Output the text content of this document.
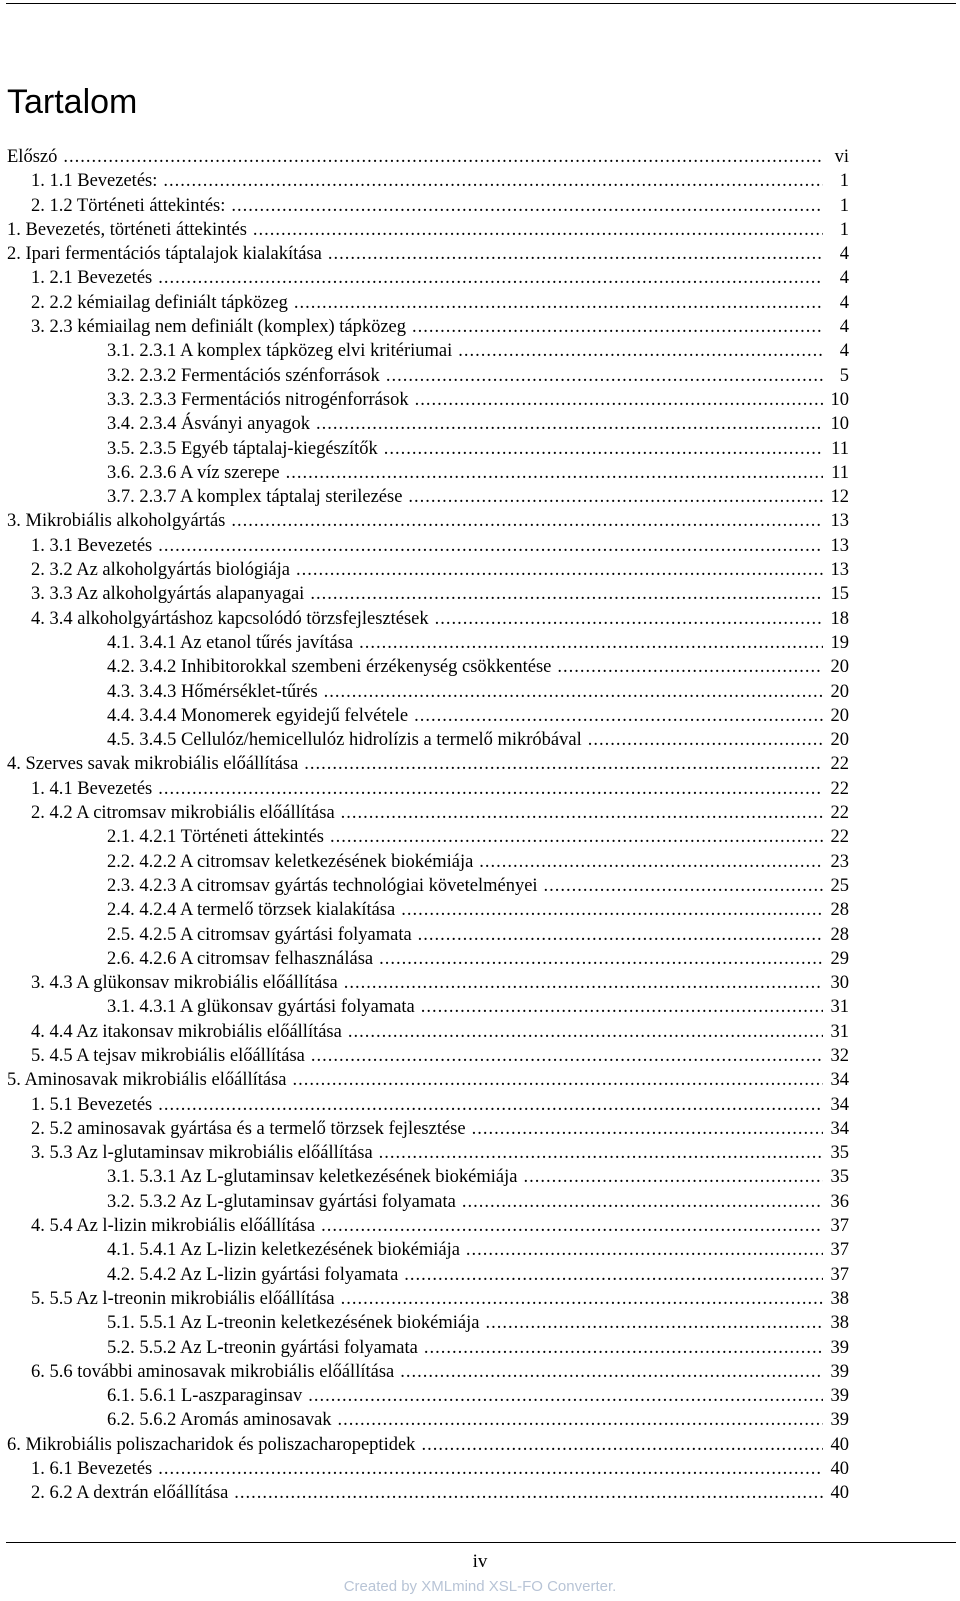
Tartalom
Előszó .....	vi
1. 1.1 Bevezetés: .....	1
2. 1.2 Történeti áttekintés: .....	1
1. Bevezetés, történeti áttekintés .....	1
2. Ipari fermentációs táptalajok kialakítása .....	4
1. 2.1 Bevezetés .....	4
2. 2.2 kémiailag definiált tápközeg .....	4
3. 2.3 kémiailag nem definiált (komplex) tápközeg .....	4
3.1. 2.3.1 A komplex tápközeg elvi kritériumai .....	4
3.2. 2.3.2 Fermentációs szénforrások .....	5
3.3. 2.3.3 Fermentációs nitrogénforrások .....	10
3.4. 2.3.4 Ásványi anyagok .....	10
3.5. 2.3.5 Egyéb táptalaj-kiegészítők .....	11
3.6. 2.3.6 A víz szerepe .....	11
3.7. 2.3.7 A komplex táptalaj sterilezése .....	12
3. Mikrobiális alkoholgyártás .....	13
1. 3.1 Bevezetés .....	13
2. 3.2 Az alkoholgyártás biológiája .....	13
3. 3.3 Az alkoholgyártás alapanyagai .....	15
4. 3.4 alkoholgyártáshoz kapcsolódó törzsfejlesztések .....	18
4.1. 3.4.1 Az etanol tűrés javítása .....	19
4.2. 3.4.2 Inhibitorokkal szembeni érzékenység csökkentése .....	20
4.3. 3.4.3 Hőmérséklet-tűrés .....	20
4.4. 3.4.4 Monomerek egyidejű felvétele .....	20
4.5. 3.4.5 Cellulóz/hemicellulóz hidrolízis a termelő mikróbával .....	20
4. Szerves savak mikrobiális előállítása .....	22
1. 4.1 Bevezetés .....	22
2. 4.2 A citromsav mikrobiális előállítása .....	22
2.1. 4.2.1 Történeti áttekintés .....	22
2.2. 4.2.2 A citromsav keletkezésének biokémiája .....	23
2.3. 4.2.3 A citromsav gyártás technológiai követelményei .....	25
2.4. 4.2.4 A termelő törzsek kialakítása .....	28
2.5. 4.2.5 A citromsav gyártási folyamata .....	28
2.6. 4.2.6 A citromsav felhasználása .....	29
3. 4.3 A glükonsav mikrobiális előállítása .....	30
3.1. 4.3.1 A glükonsav gyártási folyamata .....	31
4. 4.4 Az itakonsav mikrobiális előállítása .....	31
5. 4.5 A tejsav mikrobiális előállítása .....	32
5. Aminosavak mikrobiális előállítása .....	34
1. 5.1 Bevezetés .....	34
2. 5.2 aminosavak gyártása és a termelő törzsek fejlesztése .....	34
3. 5.3 Az l-glutaminsav mikrobiális előállítása .....	35
3.1. 5.3.1 Az L-glutaminsav keletkezésének biokémiája .....	35
3.2. 5.3.2 Az L-glutaminsav gyártási folyamata .....	36
4. 5.4 Az l-lizin mikrobiális előállítása .....	37
4.1. 5.4.1 Az L-lizin keletkezésének biokémiája .....	37
4.2. 5.4.2 Az L-lizin gyártási folyamata .....	37
5. 5.5 Az l-treonin mikrobiális előállítása .....	38
5.1. 5.5.1 Az L-treonin keletkezésének biokémiája .....	38
5.2. 5.5.2 Az L-treonin gyártási folyamata .....	39
6. 5.6 további aminosavak mikrobiális előállítása .....	39
6.1. 5.6.1 L-aszparaginsav .....	39
6.2. 5.6.2 Aromás aminosavak .....	39
6. Mikrobiális poliszacharidok és poliszacharopeptidek .....	40
1. 6.1 Bevezetés .....	40
2. 6.2 A dextrán előállítása .....	40
iv
Created by XMLmind XSL-FO Converter.
